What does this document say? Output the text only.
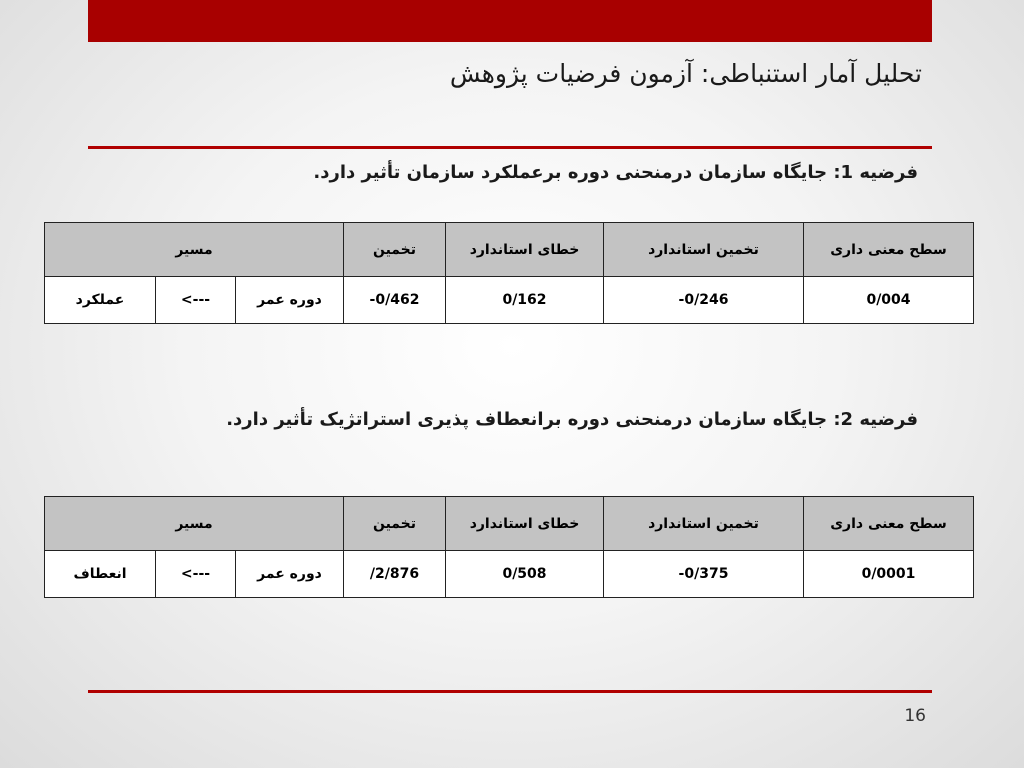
تحلیل آمار استنباطی: آزمون فرضیات پژوهش
فرضیه 1: جایگاه سازمان درمنحنی دوره برعملکرد سازمان تأثیر دارد.
مسیر			تخمین	خطای استاندارد	تخمین استاندارد	سطح معنی داری
عملکرد	<---	دوره عمر	-0/462	0/162	-0/246	0/004
فرضیه 2: جایگاه سازمان درمنحنی دوره برانعطاف پذیری استراتژیک تأثیر دارد.
مسیر			تخمین	خطای استاندارد	تخمین استاندارد	سطح معنی داری
انعطاف	<---	دوره عمر	/2/876	0/508	-0/375	0/0001
16
